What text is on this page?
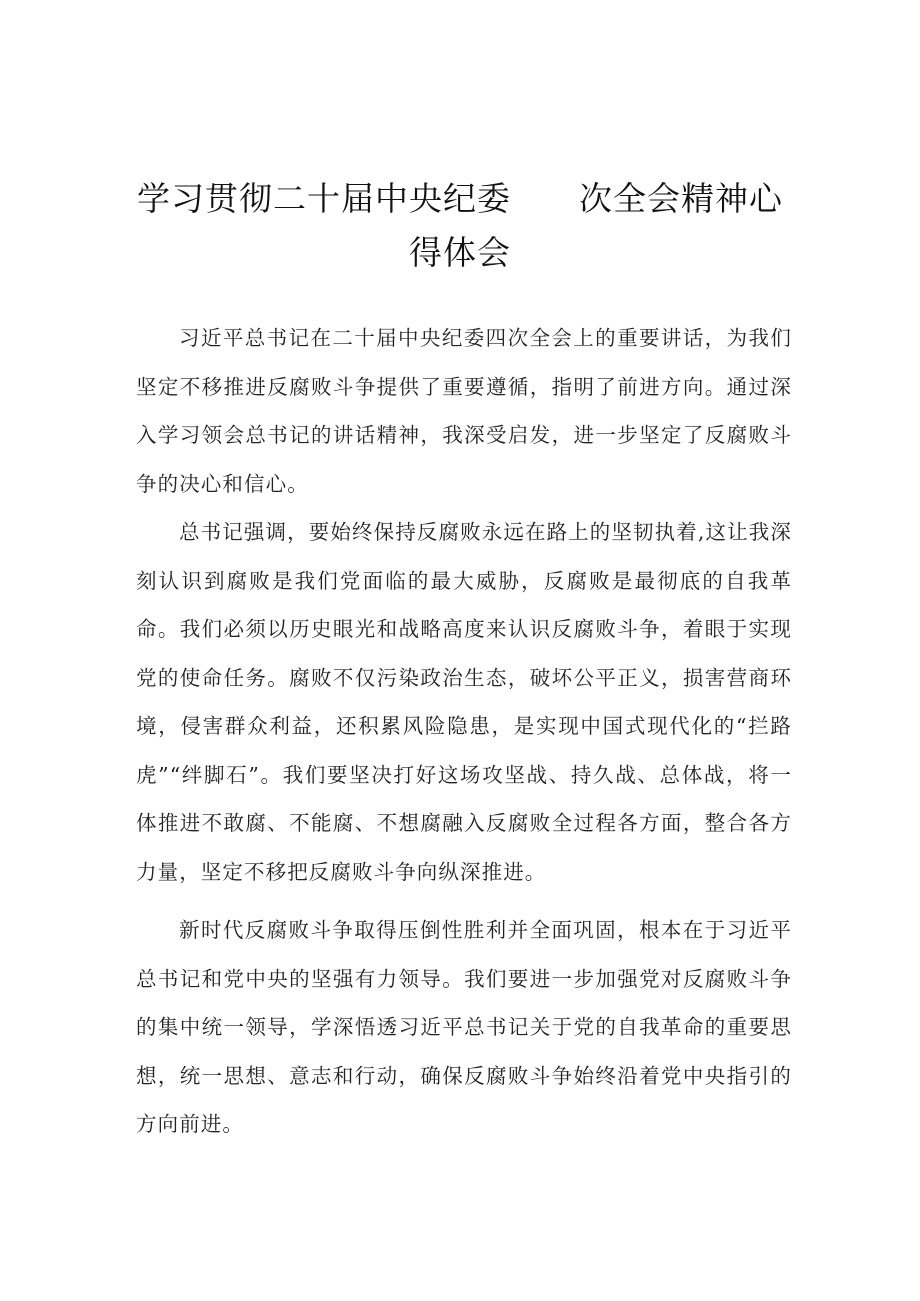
学习贯彻二十届中央纪委　　次全会精神心
得体会

习近平总书记在二十届中央纪委四次全会上的重要讲话，为我们坚定不移推进反腐败斗争提供了重要遵循，指明了前进方向。通过深入学习领会总书记的讲话精神，我深受启发，进一步坚定了反腐败斗争的决心和信心。

总书记强调，要始终保持反腐败永远在路上的坚韧执着,这让我深刻认识到腐败是我们党面临的最大威胁，反腐败是最彻底的自我革命。我们必须以历史眼光和战略高度来认识反腐败斗争，着眼于实现党的使命任务。腐败不仅污染政治生态，破坏公平正义，损害营商环境，侵害群众利益，还积累风险隐患，是实现中国式现代化的“拦路虎”“绊脚石”。我们要坚决打好这场攻坚战、持久战、总体战，将一体推进不敢腐、不能腐、不想腐融入反腐败全过程各方面，整合各方力量，坚定不移把反腐败斗争向纵深推进。

新时代反腐败斗争取得压倒性胜利并全面巩固，根本在于习近平总书记和党中央的坚强有力领导。我们要进一步加强党对反腐败斗争的集中统一领导，学深悟透习近平总书记关于党的自我革命的重要思想，统一思想、意志和行动，确保反腐败斗争始终沿着党中央指引的方向前进。
